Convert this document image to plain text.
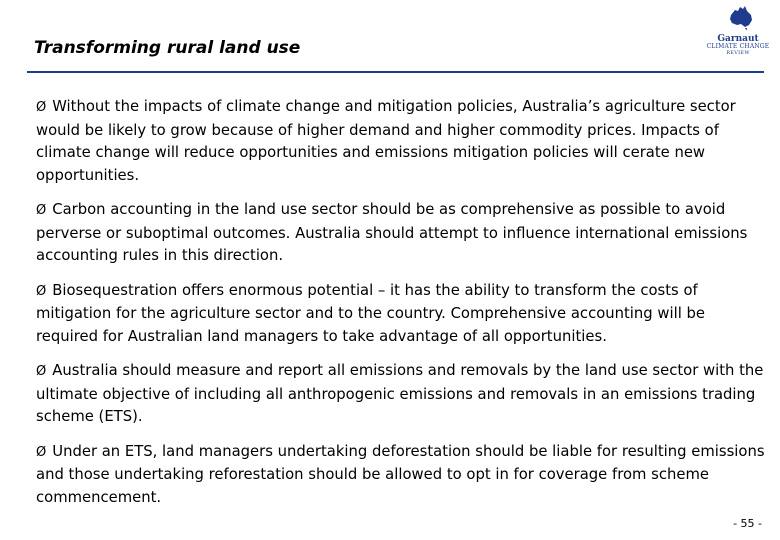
Transforming rural land use	Garnaut
CLIMATE CHANGE
REVIEW
Ø Without the impacts of climate change and mitigation policies, Australia’s agriculture sector would be likely to grow because of higher demand and higher commodity prices. Impacts of climate change will reduce opportunities and emissions mitigation policies will cerate new opportunities.
Ø Carbon accounting in the land use sector should be as comprehensive as possible to avoid perverse or suboptimal outcomes. Australia should attempt to influence international emissions accounting rules in this direction.
Ø Biosequestration offers enormous potential – it has the ability to transform the costs of mitigation for the agriculture sector and to the country. Comprehensive accounting will be required for Australian land managers to take advantage of all opportunities.
Ø Australia should measure and report all emissions and removals by the land use sector with the ultimate objective of including all anthropogenic emissions and removals in an emissions trading scheme (ETS).
Ø Under an ETS, land managers undertaking deforestation should be liable for resulting emissions and those undertaking reforestation should be allowed to opt in for coverage from scheme commencement.
- 55 -
